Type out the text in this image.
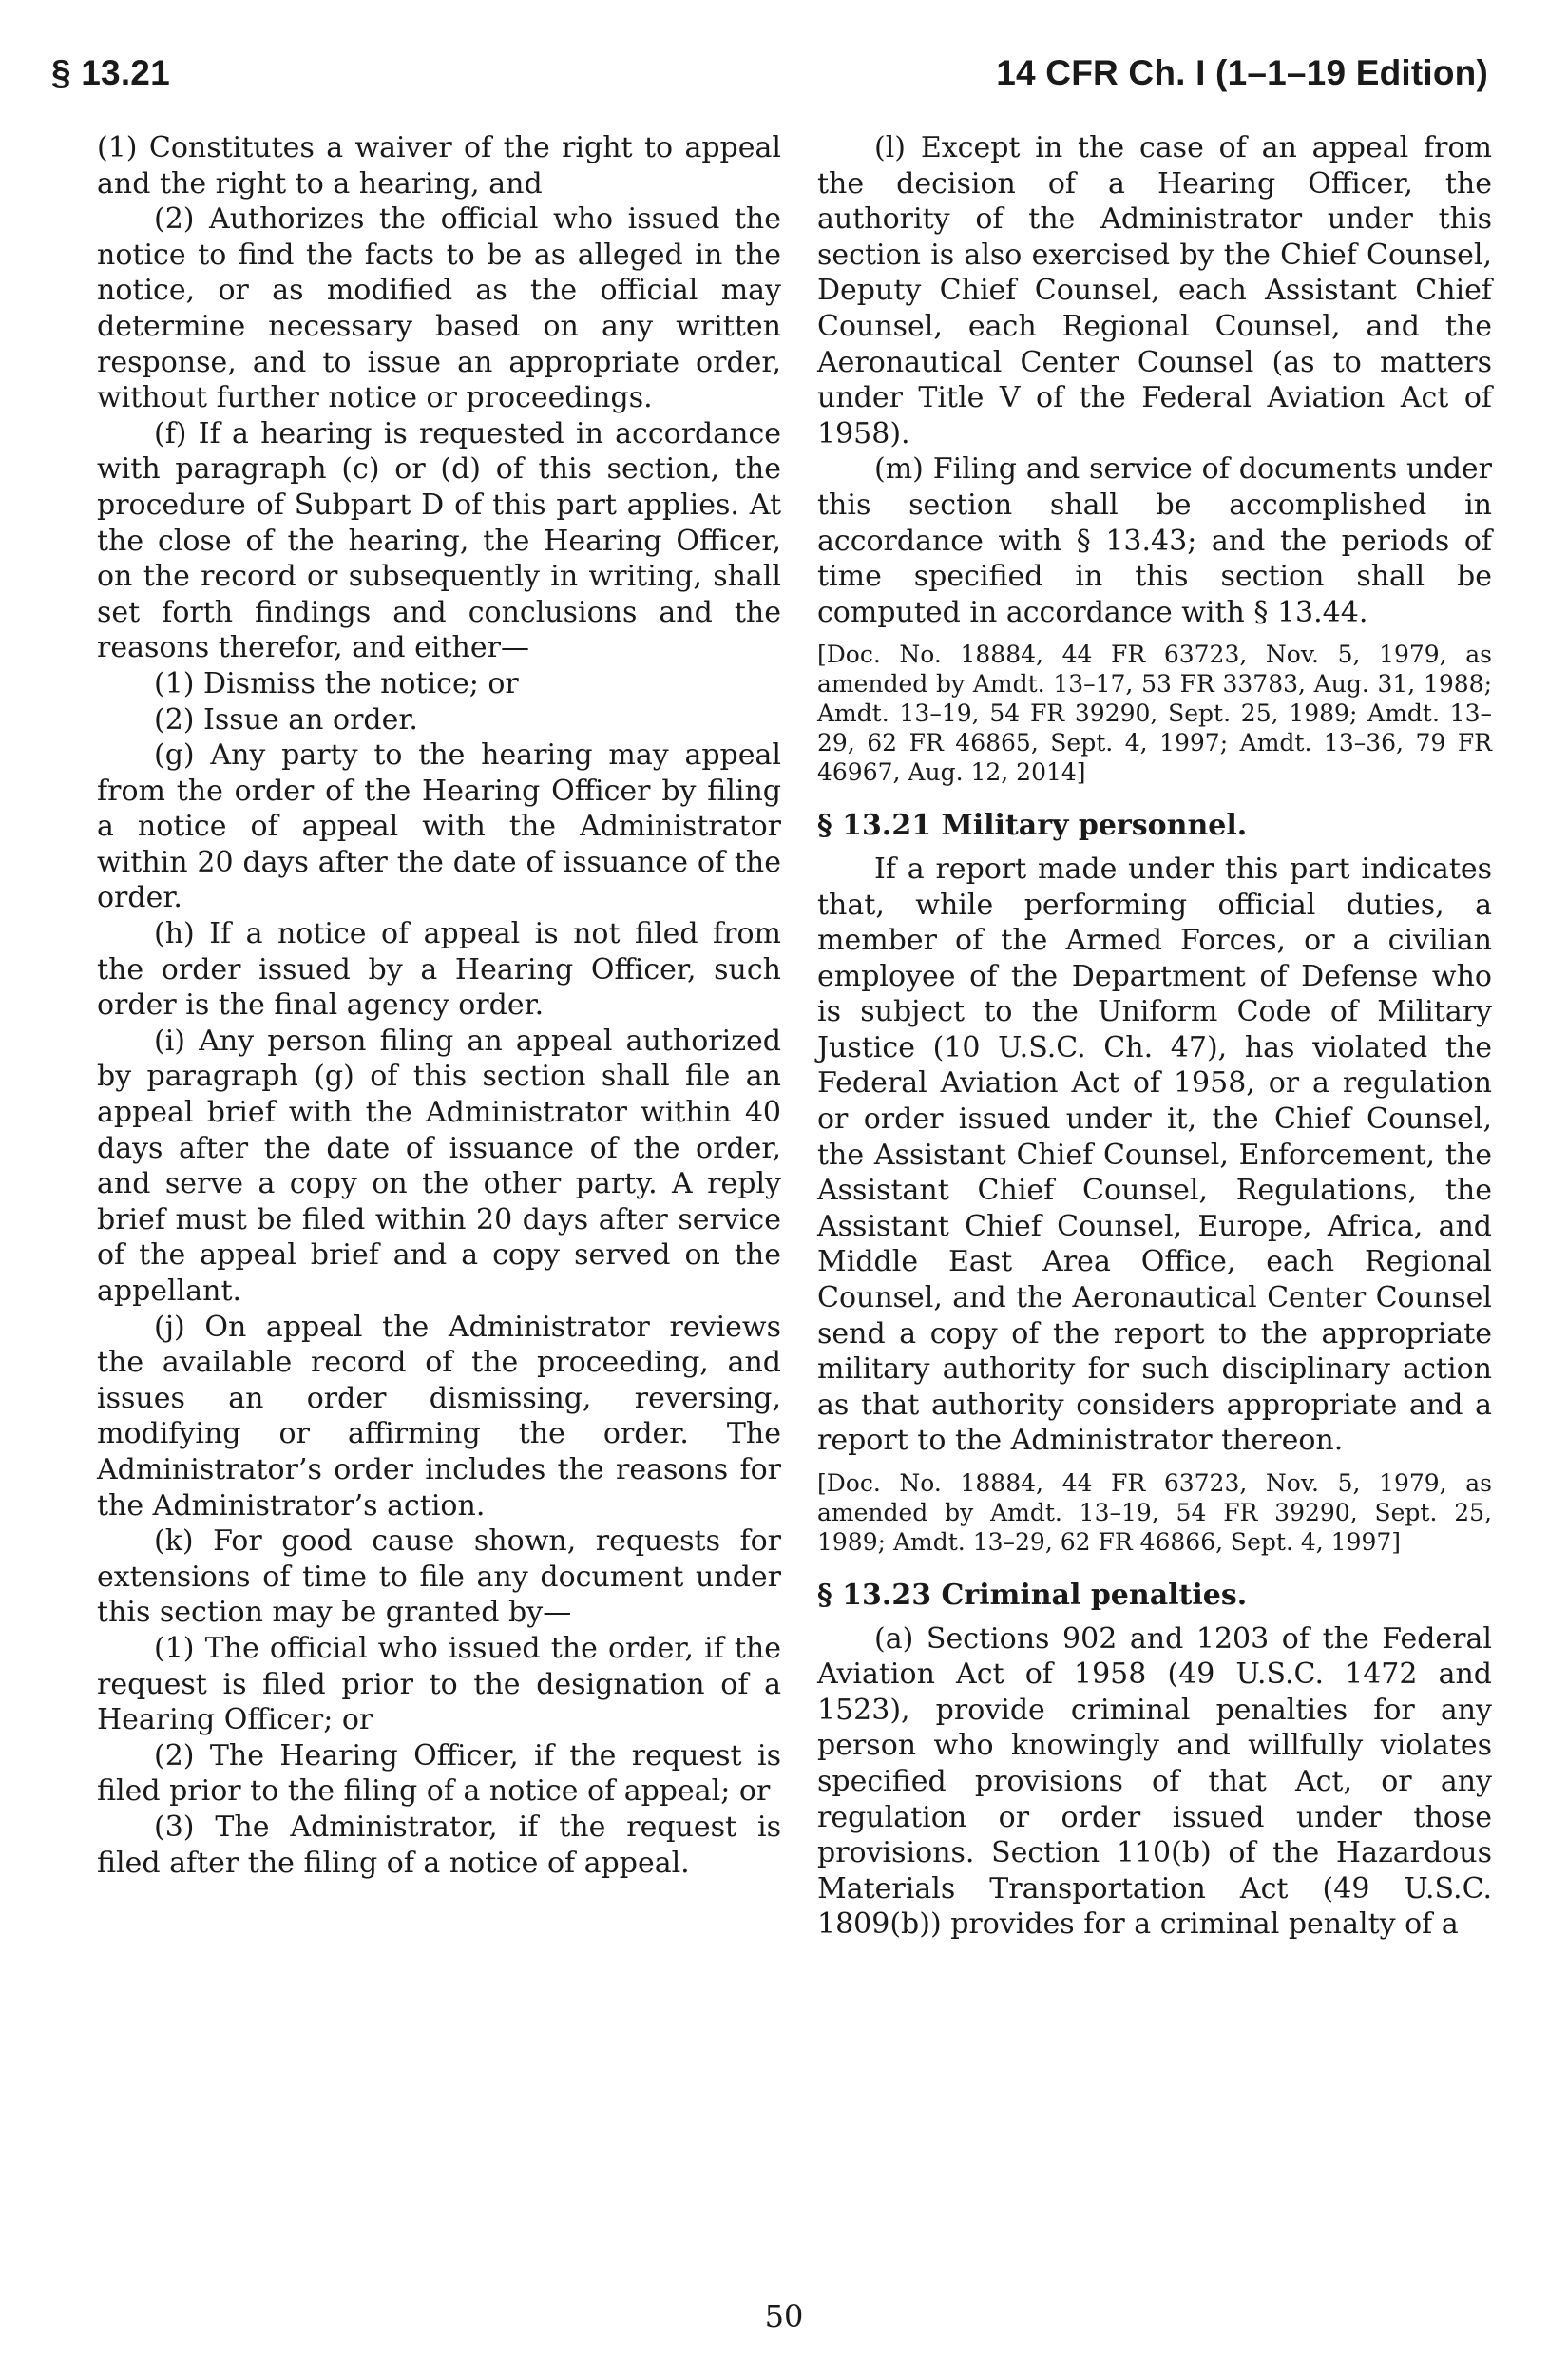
§ 13.21	14 CFR Ch. I (1–1–19 Edition)

(1) Constitutes a waiver of the right to appeal and the right to a hearing, and

(2) Authorizes the official who issued the notice to find the facts to be as alleged in the notice, or as modified as the official may determine necessary based on any written response, and to issue an appropriate order, without further notice or proceedings.

(f) If a hearing is requested in accordance with paragraph (c) or (d) of this section, the procedure of Subpart D of this part applies. At the close of the hearing, the Hearing Officer, on the record or subsequently in writing, shall set forth findings and conclusions and the reasons therefor, and either—

(1) Dismiss the notice; or

(2) Issue an order.

(g) Any party to the hearing may appeal from the order of the Hearing Officer by filing a notice of appeal with the Administrator within 20 days after the date of issuance of the order.

(h) If a notice of appeal is not filed from the order issued by a Hearing Officer, such order is the final agency order.

(i) Any person filing an appeal authorized by paragraph (g) of this section shall file an appeal brief with the Administrator within 40 days after the date of issuance of the order, and serve a copy on the other party. A reply brief must be filed within 20 days after service of the appeal brief and a copy served on the appellant.

(j) On appeal the Administrator reviews the available record of the proceeding, and issues an order dismissing, reversing, modifying or affirming the order. The Administrator’s order includes the reasons for the Administrator’s action.

(k) For good cause shown, requests for extensions of time to file any document under this section may be granted by—

(1) The official who issued the order, if the request is filed prior to the designation of a Hearing Officer; or

(2) The Hearing Officer, if the request is filed prior to the filing of a notice of appeal; or

(3) The Administrator, if the request is filed after the filing of a notice of appeal.

(l) Except in the case of an appeal from the decision of a Hearing Officer, the authority of the Administrator under this section is also exercised by the Chief Counsel, Deputy Chief Counsel, each Assistant Chief Counsel, each Regional Counsel, and the Aeronautical Center Counsel (as to matters under Title V of the Federal Aviation Act of 1958).

(m) Filing and service of documents under this section shall be accomplished in accordance with § 13.43; and the periods of time specified in this section shall be computed in accordance with § 13.44.

[Doc. No. 18884, 44 FR 63723, Nov. 5, 1979, as amended by Amdt. 13–17, 53 FR 33783, Aug. 31, 1988; Amdt. 13–19, 54 FR 39290, Sept. 25, 1989; Amdt. 13–29, 62 FR 46865, Sept. 4, 1997; Amdt. 13–36, 79 FR 46967, Aug. 12, 2014]

§ 13.21 Military personnel.

If a report made under this part indicates that, while performing official duties, a member of the Armed Forces, or a civilian employee of the Department of Defense who is subject to the Uniform Code of Military Justice (10 U.S.C. Ch. 47), has violated the Federal Aviation Act of 1958, or a regulation or order issued under it, the Chief Counsel, the Assistant Chief Counsel, Enforcement, the Assistant Chief Counsel, Regulations, the Assistant Chief Counsel, Europe, Africa, and Middle East Area Office, each Regional Counsel, and the Aeronautical Center Counsel send a copy of the report to the appropriate military authority for such disciplinary action as that authority considers appropriate and a report to the Administrator thereon.

[Doc. No. 18884, 44 FR 63723, Nov. 5, 1979, as amended by Amdt. 13–19, 54 FR 39290, Sept. 25, 1989; Amdt. 13–29, 62 FR 46866, Sept. 4, 1997]

§ 13.23 Criminal penalties.

(a) Sections 902 and 1203 of the Federal Aviation Act of 1958 (49 U.S.C. 1472 and 1523), provide criminal penalties for any person who knowingly and willfully violates specified provisions of that Act, or any regulation or order issued under those provisions. Section 110(b) of the Hazardous Materials Transportation Act (49 U.S.C. 1809(b)) provides for a criminal penalty of a

50
